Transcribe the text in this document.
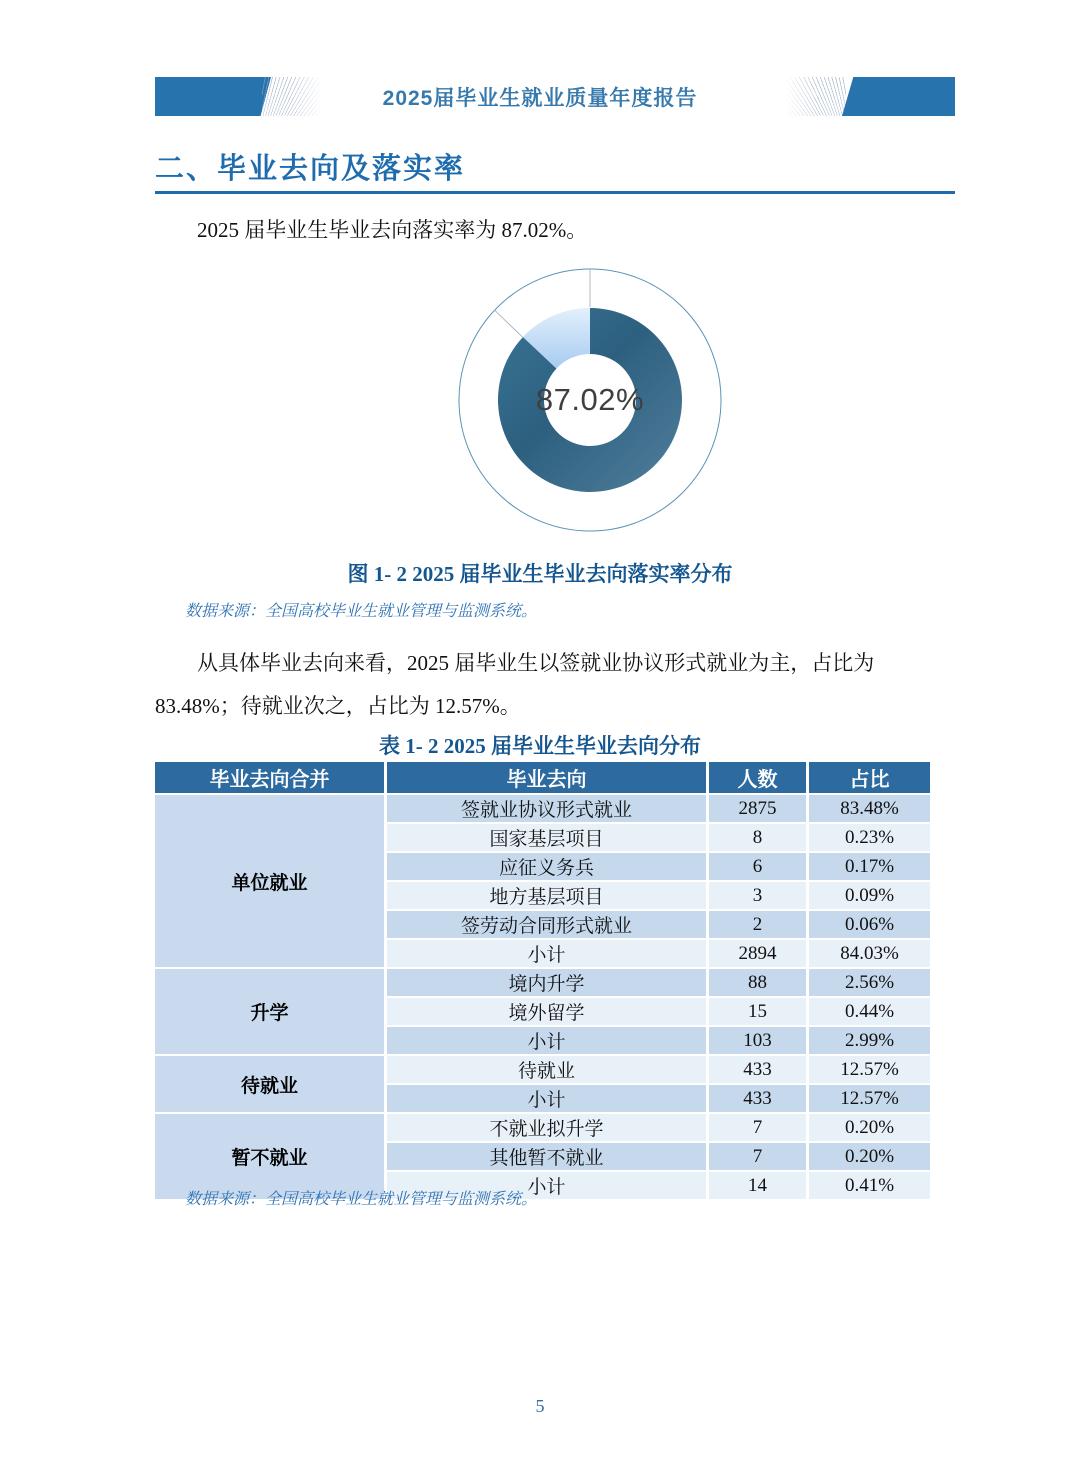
2025届毕业生就业质量年度报告
二、毕业去向及落实率
2025 届毕业生毕业去向落实率为 87.02%。
87.02%
图 1- 2 2025 届毕业生毕业去向落实率分布
数据来源：全国高校毕业生就业管理与监测系统。
从具体毕业去向来看，2025 届毕业生以签就业协议形式就业为主，占比为
83.48%；待就业次之，占比为 12.57%。
表 1- 2 2025 届毕业生毕业去向分布
毕业去向合并	毕业去向	人数	占比
单位就业	签就业协议形式就业	2875	83.48%
	国家基层项目	8	0.23%
	应征义务兵	6	0.17%
	地方基层项目	3	0.09%
	签劳动合同形式就业	2	0.06%
	小计	2894	84.03%
升学	境内升学	88	2.56%
	境外留学	15	0.44%
	小计	103	2.99%
待就业	待就业	433	12.57%
	小计	433	12.57%
暂不就业	不就业拟升学	7	0.20%
	其他暂不就业	7	0.20%
	小计	14	0.41%
数据来源：全国高校毕业生就业管理与监测系统。
5
